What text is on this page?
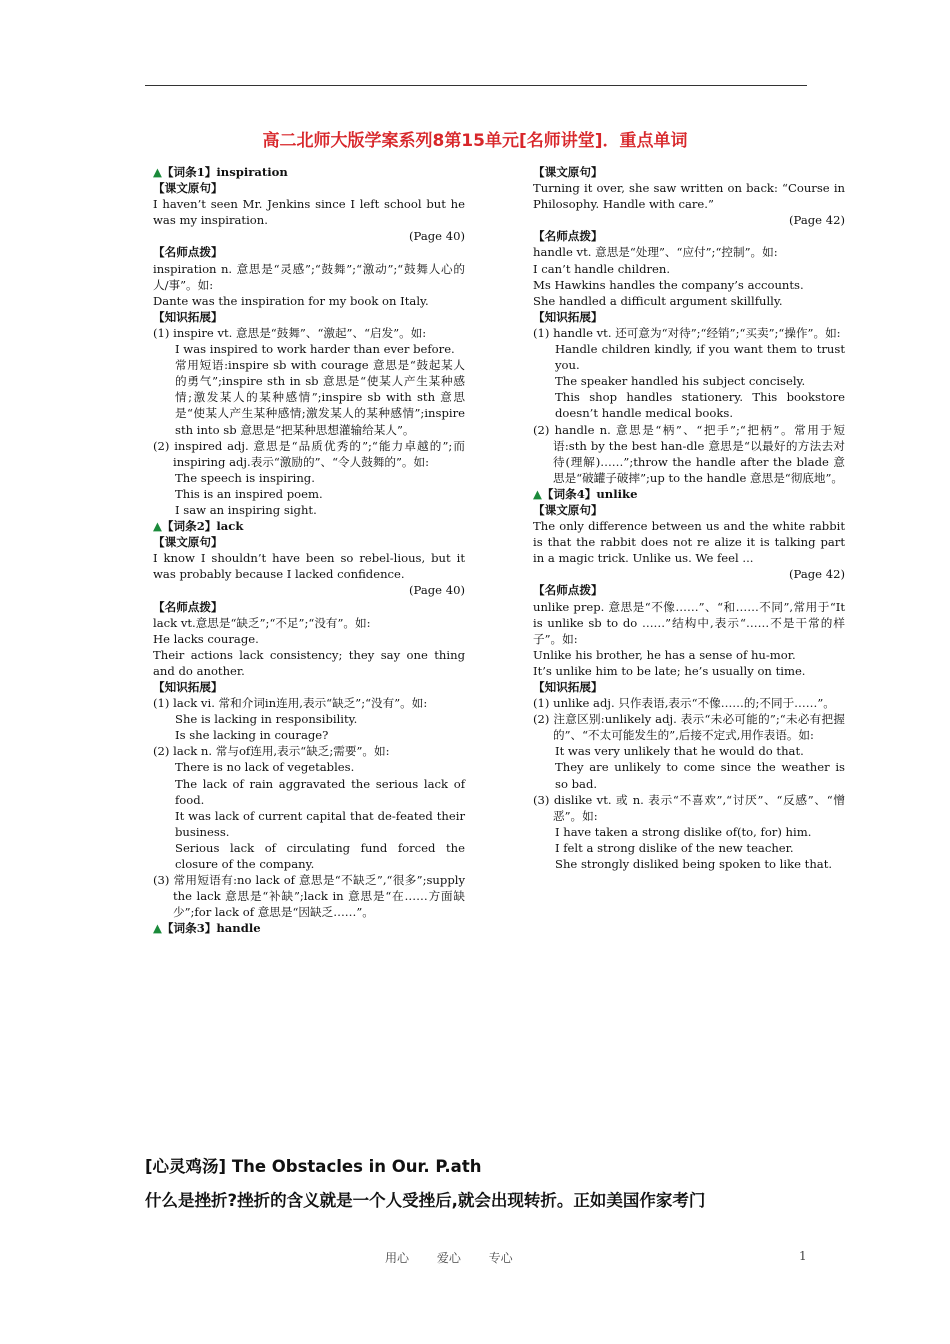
高二北师大版学案系列8第15单元[名师讲堂]．重点单词

▲【词条1】inspiration

【课文原句】

I haven’t seen Mr. Jenkins since I left school but he was my inspiration.

(Page 40)

【名师点拨】

inspiration n. 意思是“灵感”;“鼓舞”;“激动”;“鼓舞人心的人/事”。如:

Dante was the inspiration for my book on Italy.

【知识拓展】

(1) inspire vt. 意思是“鼓舞”、“激起”、“启发”。如:

I was inspired to work harder than ever before.

常用短语:inspire sb with courage 意思是“鼓起某人的勇气”;inspire sth in sb 意思是“使某人产生某种感情;激发某人的某种感情”;inspire sb with sth 意思是“使某人产生某种感情;激发某人的某种感情”;inspire sth into sb 意思是“把某种思想灌输给某人”。

(2) inspired adj. 意思是“品质优秀的”;“能力卓越的”;而inspiring adj.表示“激励的”、“令人鼓舞的”。如:

The speech is inspiring.

This is an inspired poem.

I saw an inspiring sight.

▲【词条2】lack

【课文原句】

I know I shouldn’t have been so rebel-lious, but it was probably because I lacked confidence.

(Page 40)

【名师点拨】

lack vt.意思是“缺乏”;“不足”;“没有”。如:

He lacks courage.

Their actions lack consistency; they say one thing and do another.

【知识拓展】

(1) lack vi. 常和介词in连用,表示“缺乏”;“没有”。如:

She is lacking in responsibility.

Is she lacking in courage?

(2) lack n. 常与of连用,表示“缺乏;需要”。如:

There is no lack of vegetables.

The lack of rain aggravated the serious lack of food.

It was lack of current capital that de-feated their business.

Serious lack of circulating fund forced the closure of the company.

(3) 常用短语有:no lack of 意思是“不缺乏”,“很多”;supply the lack 意思是“补缺”;lack in 意思是“在……方面缺少”;for lack of 意思是“因缺乏……”。

▲【词条3】handle

【课文原句】

Turning it over, she saw written on back: “Course in Philosophy. Handle with care.”

(Page 42)

【名师点拨】

handle vt. 意思是“处理”、“应付”;“控制”。如:

I can’t handle children.

Ms Hawkins handles the company’s accounts.

She handled a difficult argument skillfully.

【知识拓展】

(1) handle vt. 还可意为“对待”;“经销”;“买卖”;“操作”。如:

Handle children kindly, if you want them to trust you.

The speaker handled his subject concisely.

This shop handles stationery. This bookstore doesn’t handle medical books.

(2) handle n. 意思是“柄”、“把手”;“把柄”。常用于短语:sth by the best han-dle 意思是“以最好的方法去对待(理解)……”;throw the handle after the blade 意思是“破罐子破摔”;up to the handle 意思是“彻底地”。

▲【词条4】unlike

【课文原句】

The only difference between us and the white rabbit is that the rabbit does not re alize it is talking part in a magic trick. Unlike us. We feel ...

(Page 42)

【名师点拨】

unlike prep. 意思是“不像……”、“和……不同”,常用于“It is unlike sb to do ……”结构中,表示“……不是干常的样子”。如:

Unlike his brother, he has a sense of hu-mor.

It’s unlike him to be late; he’s usually on time.

【知识拓展】

(1) unlike adj. 只作表语,表示“不像……的;不同于……”。

(2) 注意区别:unlikely adj. 表示“未必可能的”;“未必有把握的”、“不太可能发生的”,后接不定式,用作表语。如:

It was very unlikely that he would do that.

They are unlikely to come since the weather is so bad.

(3) dislike vt. 或 n. 表示“不喜欢”,“讨厌”、“反感”、“憎恶”。如:

I have taken a strong dislike of(to, for) him.

I felt a strong dislike of the new teacher.

She strongly disliked being spoken to like that.

[心灵鸡汤] The Obstacles in Our. P.ath
什么是挫折?挫折的含义就是一个人受挫后,就会出现转折。正如美国作家考门
用心 爱心 专心	1
